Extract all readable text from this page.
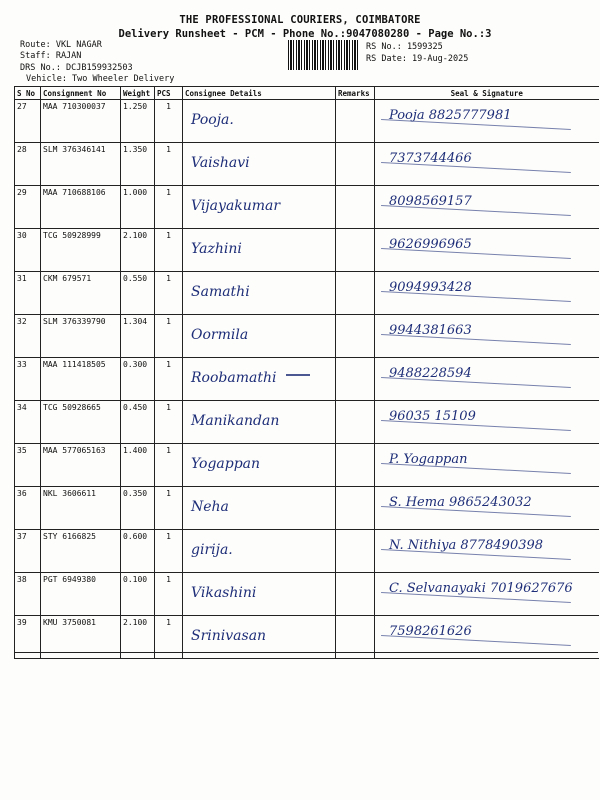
THE PROFESSIONAL COURIERS, COIMBATORE
Delivery Runsheet - PCM - Phone No.:9047080280 - Page No.:3
Route: VKL NAGAR
Staff: RAJAN
DRS No.: DCJB159932503
Vehicle: Two Wheeler Delivery
RS No.: 1599325
RS Date: 19-Aug-2025
S No	Consignment No	Weight	PCS	Consignee Details	Remarks	Seal & Signature
27	MAA 710300037	1.250	1	Pooja.		Pooja 8825777981

28	SLM 376346141	1.350	1	Vaishavi		7373744466

29	MAA 710688106	1.000	1	Vijayakumar		8098569157

30	TCG 50928999	2.100	1	Yazhini		9626996965

31	CKM 679571	0.550	1	Samathi		9094993428

32	SLM 376339790	1.304	1	Oormila		9944381663

33	MAA 111418505	0.300	1	Roobamathi		9488228594

34	TCG 50928665	0.450	1	Manikandan		96035 15109

35	MAA 577065163	1.400	1	Yogappan		P. Yogappan

36	NKL 3606611	0.350	1	Neha		S. Hema 9865243032

37	STY 6166825	0.600	1	girija.		N. Nithiya 8778490398

38	PGT 6949380	0.100	1	Vikashini		C. Selvanayaki 7019627676

39	KMU 3750081	2.100	1	Srinivasan		7598261626
